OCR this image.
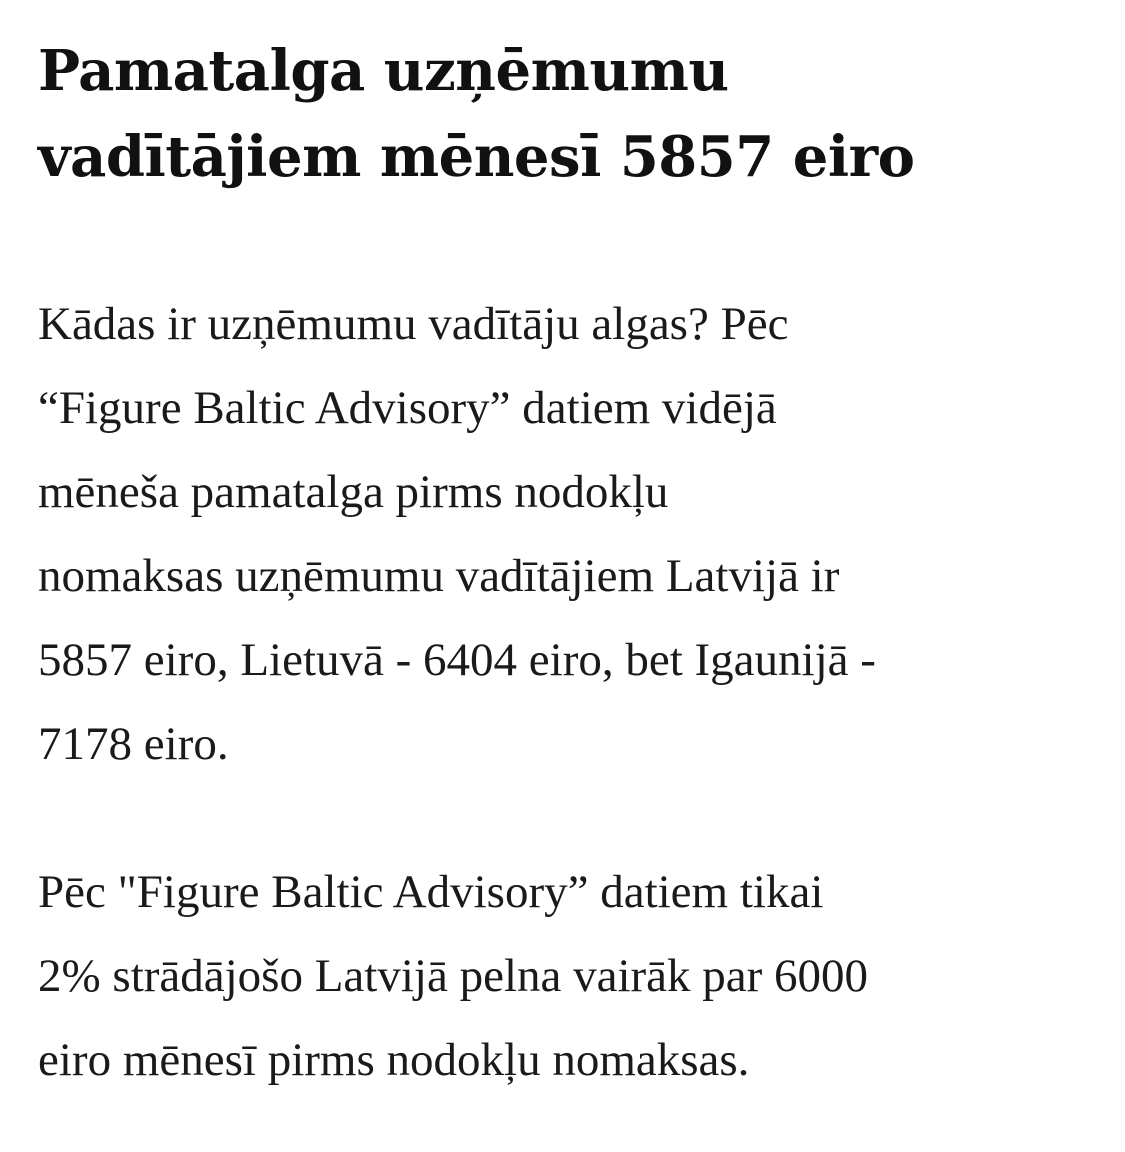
Pamatalga uzņēmumu
vadītājiem mēnesī 5857 eiro

Kādas ir uzņēmumu vadītāju algas? Pēc
“Figure Baltic Advisory” datiem vidējā
mēneša pamatalga pirms nodokļu
nomaksas uzņēmumu vadītājiem Latvijā ir
5857 eiro, Lietuvā - 6404 eiro, bet Igaunijā -
7178 eiro.

Pēc "Figure Baltic Advisory” datiem tikai
2% strādājošo Latvijā pelna vairāk par 6000
eiro mēnesī pirms nodokļu nomaksas.
